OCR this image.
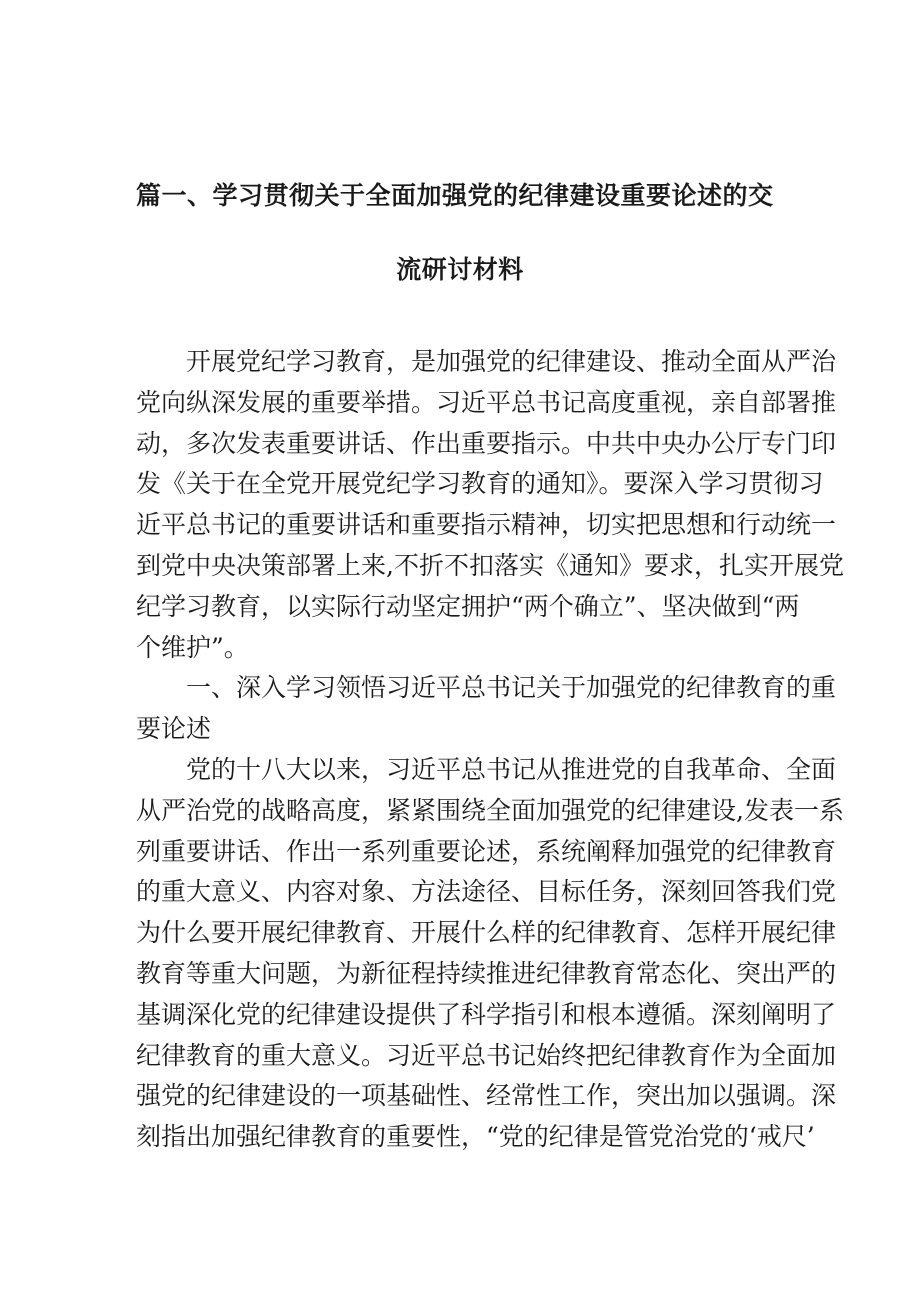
篇一、学习贯彻关于全面加强党的纪律建设重要论述的交
流研讨材料
开展党纪学习教育，是加强党的纪律建设、推动全面从严治
党向纵深发展的重要举措。习近平总书记高度重视，亲自部署推
动，多次发表重要讲话、作出重要指示。中共中央办公厅专门印
发《关于在全党开展党纪学习教育的通知》。要深入学习贯彻习
近平总书记的重要讲话和重要指示精神，切实把思想和行动统一
到党中央决策部署上来,不折不扣落实《通知》要求，扎实开展党
纪学习教育，以实际行动坚定拥护“两个确立”、坚决做到“两
个维护”。
一、深入学习领悟习近平总书记关于加强党的纪律教育的重
要论述
党的十八大以来，习近平总书记从推进党的自我革命、全面
从严治党的战略高度，紧紧围绕全面加强党的纪律建设,发表一系
列重要讲话、作出一系列重要论述，系统阐释加强党的纪律教育
的重大意义、内容对象、方法途径、目标任务，深刻回答我们党
为什么要开展纪律教育、开展什么样的纪律教育、怎样开展纪律
教育等重大问题，为新征程持续推进纪律教育常态化、突出严的
基调深化党的纪律建设提供了科学指引和根本遵循。深刻阐明了
纪律教育的重大意义。习近平总书记始终把纪律教育作为全面加
强党的纪律建设的一项基础性、经常性工作，突出加以强调。深
刻指出加强纪律教育的重要性，“党的纪律是管党治党的‘戒尺’
